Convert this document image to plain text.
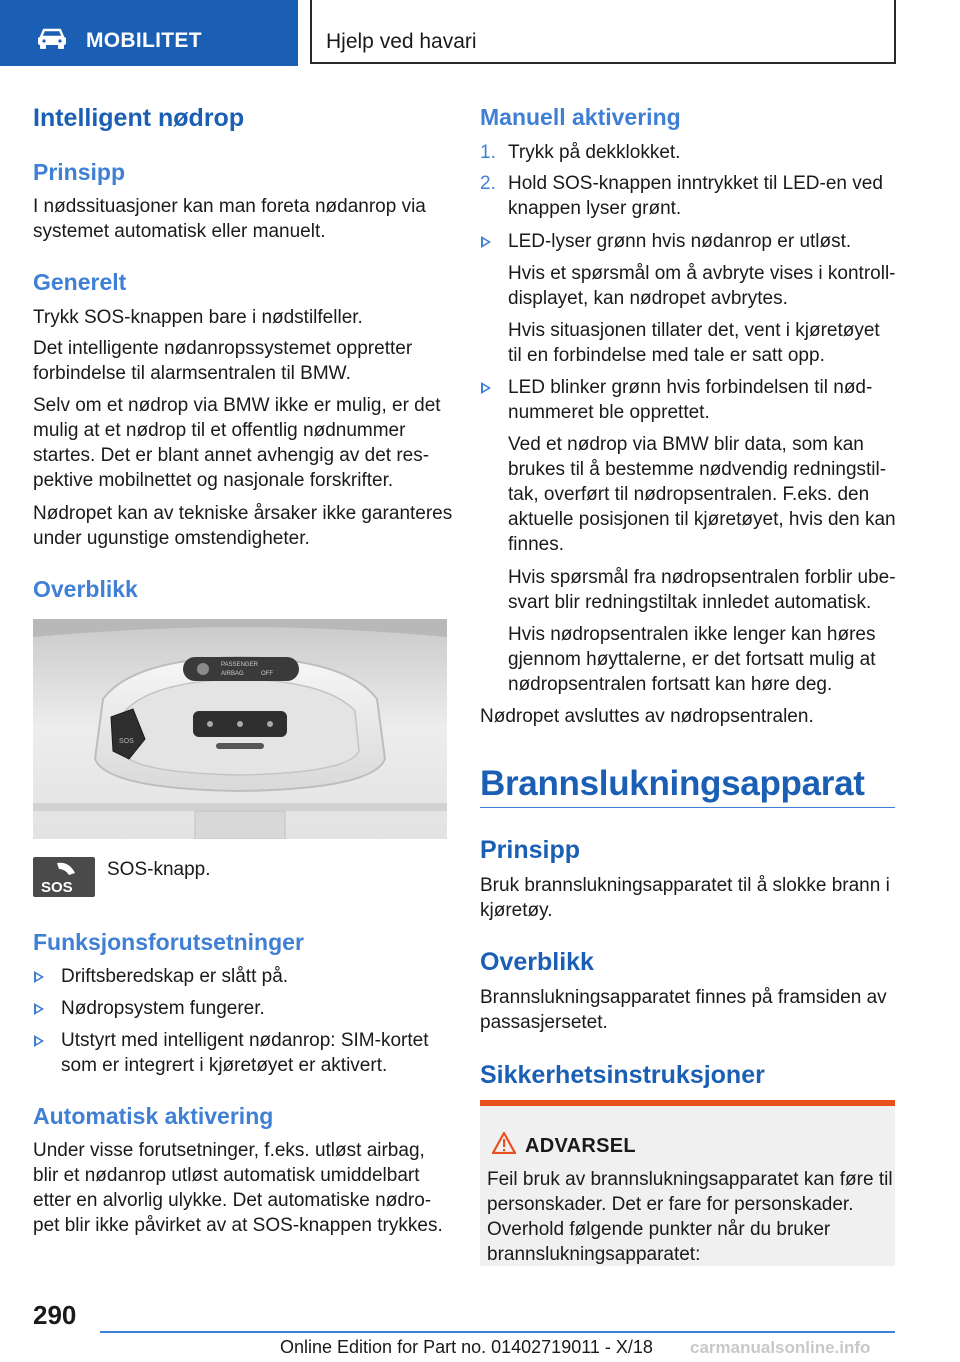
MOBILITET	Hjelp ved havari
Intelligent nødrop
Prinsipp
I nødssituasjoner kan man foreta nødanrop via
systemet automatisk eller manuelt.
Generelt
Trykk SOS-knappen bare i nødstilfeller.
Det intelligente nødanropssystemet oppretter
forbindelse til alarmsentralen til BMW.
Selv om et nødrop via BMW ikke er mulig, er det
mulig at et nødrop til et offentlig nødnummer
startes. Det er blant annet avhengig av det res-
pektive mobilnettet og nasjonale forskrifter.
Nødropet kan av tekniske årsaker ikke garanteres
under ugunstige omstendigheter.
Overblikk
PASSENGER
AIRBAG	OFF
SOS
SOS
SOS-knapp.
Funksjonsforutsetninger
Driftsberedskap er slått på.
Nødropsystem fungerer.
Utstyrt med intelligent nødanrop: SIM-kortet
som er integrert i kjøretøyet er aktivert.
Automatisk aktivering
Under visse forutsetninger, f.eks. utløst airbag,
blir et nødanrop utløst automatisk umiddelbart
etter en alvorlig ulykke. Det automatiske nødro-
pet blir ikke påvirket av at SOS-knappen trykkes.
Manuell aktivering
1. Trykk på dekklokket.
2. Hold SOS-knappen inntrykket til LED-en ved
knappen lyser grønt.
LED-lyser grønn hvis nødanrop er utløst.
Hvis et spørsmål om å avbryte vises i kontroll-
displayet, kan nødropet avbrytes.
Hvis situasjonen tillater det, vent i kjøretøyet
til en forbindelse med tale er satt opp.
LED blinker grønn hvis forbindelsen til nød-
nummeret ble opprettet.
Ved et nødrop via BMW blir data, som kan
brukes til å bestemme nødvendig redningstil-
tak, overført til nødropsentralen. F.eks. den
aktuelle posisjonen til kjøretøyet, hvis den kan
finnes.
Hvis spørsmål fra nødropsentralen forblir ube-
svart blir redningstiltak innledet automatisk.
Hvis nødropsentralen ikke lenger kan høres
gjennom høyttalerne, er det fortsatt mulig at
nødropsentralen fortsatt kan høre deg.
Nødropet avsluttes av nødropsentralen.
Brannslukningsapparat
Prinsipp
Bruk brannslukningsapparatet til å slokke brann i
kjøretøy.
Overblikk
Brannslukningsapparatet finnes på framsiden av
passasjersetet.
Sikkerhetsinstruksjoner
ADVARSEL
Feil bruk av brannslukningsapparatet kan føre til
personskader. Det er fare for personskader.
Overhold følgende punkter når du bruker
brannslukningsapparatet:
290
Online Edition for Part no. 01402719011 - X/18 carmanualsonline.info
